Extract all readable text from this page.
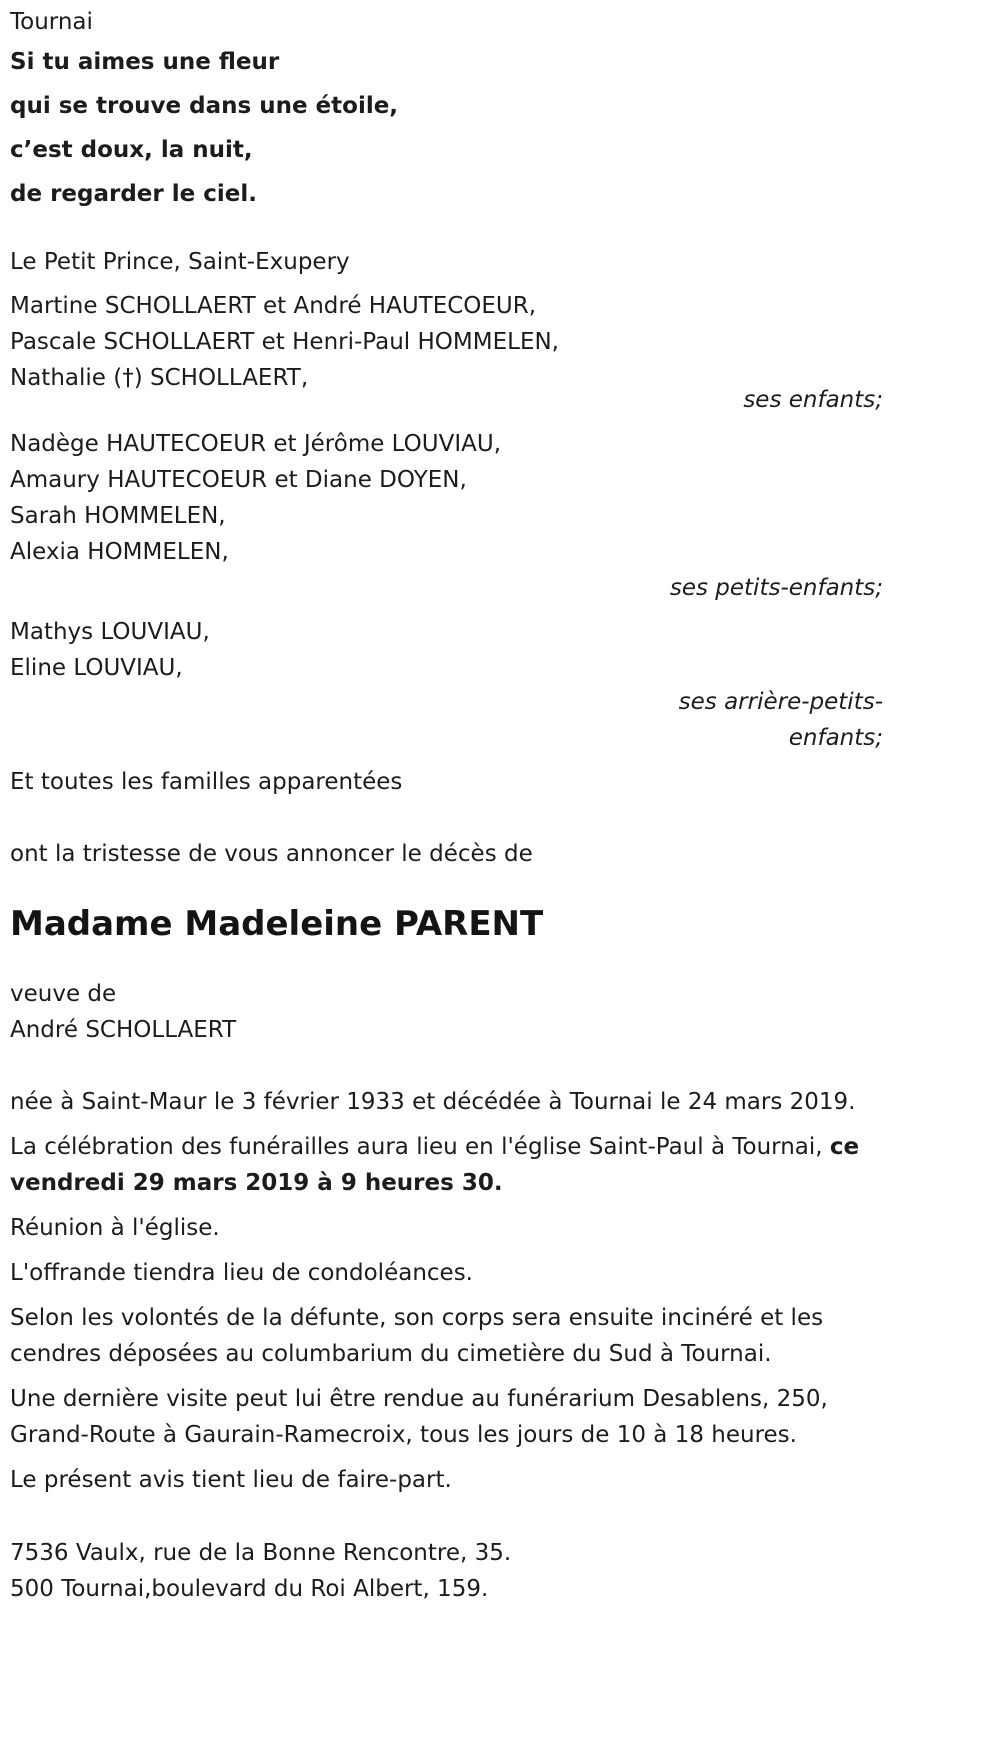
Tournai

Si tu aimes une fleur

qui se trouve dans une étoile,

c’est doux, la nuit,

de regarder le ciel.

Le Petit Prince, Saint-Exupery

Martine SCHOLLAERT et André HAUTECOEUR,

Pascale SCHOLLAERT et Henri-Paul HOMMELEN,

Nathalie (†) SCHOLLAERT,

ses enfants;

Nadège HAUTECOEUR et Jérôme LOUVIAU,

Amaury HAUTECOEUR et Diane DOYEN,

Sarah HOMMELEN,

Alexia HOMMELEN,

ses petits-enfants;

Mathys LOUVIAU,

Eline LOUVIAU,

ses arrière-petits-

enfants;

Et toutes les familles apparentées

ont la tristesse de vous annoncer le décès de

Madame Madeleine PARENT

veuve de

André SCHOLLAERT

née à Saint-Maur le 3 février 1933 et décédée à Tournai le 24 mars 2019.

La célébration des funérailles aura lieu en l'église Saint-Paul à Tournai, ce vendredi 29 mars 2019 à 9 heures 30.

Réunion à l'église.

L'offrande tiendra lieu de condoléances.

Selon les volontés de la défunte, son corps sera ensuite incinéré et les cendres déposées au columbarium du cimetière du Sud à Tournai.

Une dernière visite peut lui être rendue au funérarium Desablens, 250, Grand-Route à Gaurain-Ramecroix, tous les jours de 10 à 18 heures.

Le présent avis tient lieu de faire-part.

7536 Vaulx, rue de la Bonne Rencontre, 35.

500 Tournai,boulevard du Roi Albert, 159.
